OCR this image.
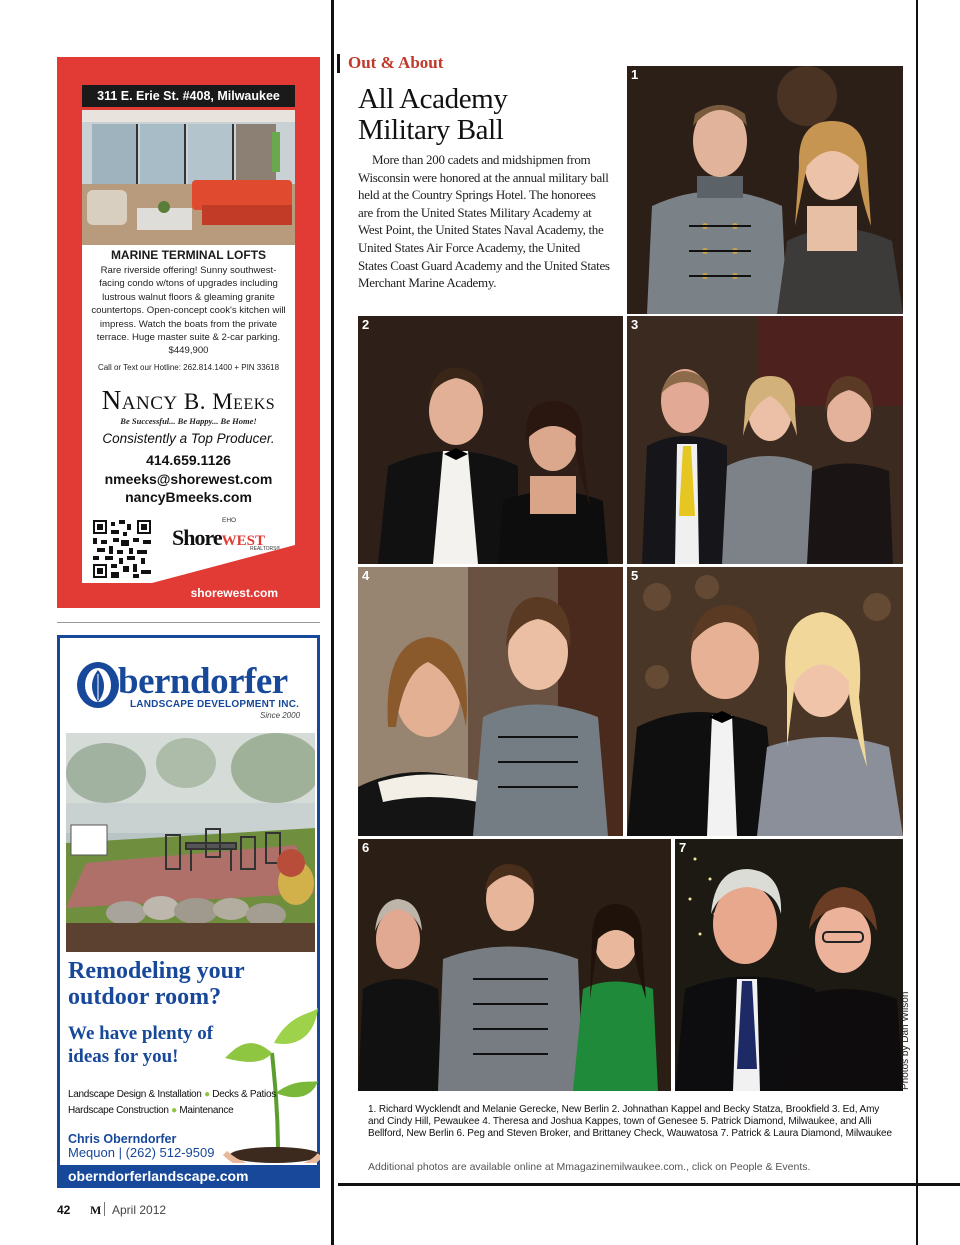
311 E. Erie St. #408, Milwaukee
MARINE TERMINAL LOFTS
Rare riverside offering! Sunny southwest-facing condo w/tons of upgrades including lustrous walnut floors & gleaming granite countertops. Open-concept cook's kitchen will impress. Watch the boats from the private terrace. Huge master suite & 2-car parking. $449,900
Call or Text our Hotline: 262.814.1400 + PIN 33618
Nancy B. Meeks
Be Successful... Be Happy... Be Home!
Consistently a Top Producer.
414.659.1126
nmeeks@shorewest.com
nancyBmeeks.com
EHO
ShoreWEST
REALTORS®
shorewest.com
berndorfer
LANDSCAPE DEVELOPMENT INC.
Since 2000
Remodeling your outdoor room?
We have plenty of ideas for you!
Landscape Design & Installation ● Decks & Patios
Hardscape Construction ● Maintenance
Chris Oberndorfer
Mequon | (262) 512-9509
oberndorferlandscape.com
42 M April 2012
Out & About
All Academy Military Ball
More than 200 cadets and midshipmen from Wisconsin were honored at the annual military ball held at the Country Springs Hotel. The honorees are from the United States Military Academy at West Point, the United States Naval Academy, the United States Air Force Academy, the United States Coast Guard Academy and the United States Merchant Marine Academy.
1
2	3
4	5
6	7
1. Richard Wycklendt and Melanie Gerecke, New Berlin 2. Johnathan Kappel and Becky Statza, Brookfield 3. Ed, Amy and Cindy Hill, Pewaukee 4. Theresa and Joshua Kappes, town of Genesee 5. Patrick Diamond, Milwaukee, and Alli Bellford, New Berlin 6. Peg and Steven Broker, and Brittaney Check, Wauwatosa 7. Patrick & Laura Diamond, Milwaukee
Additional photos are available online at Mmagazinemilwaukee.com., click on People & Events.
Photos by Dan Wilson
